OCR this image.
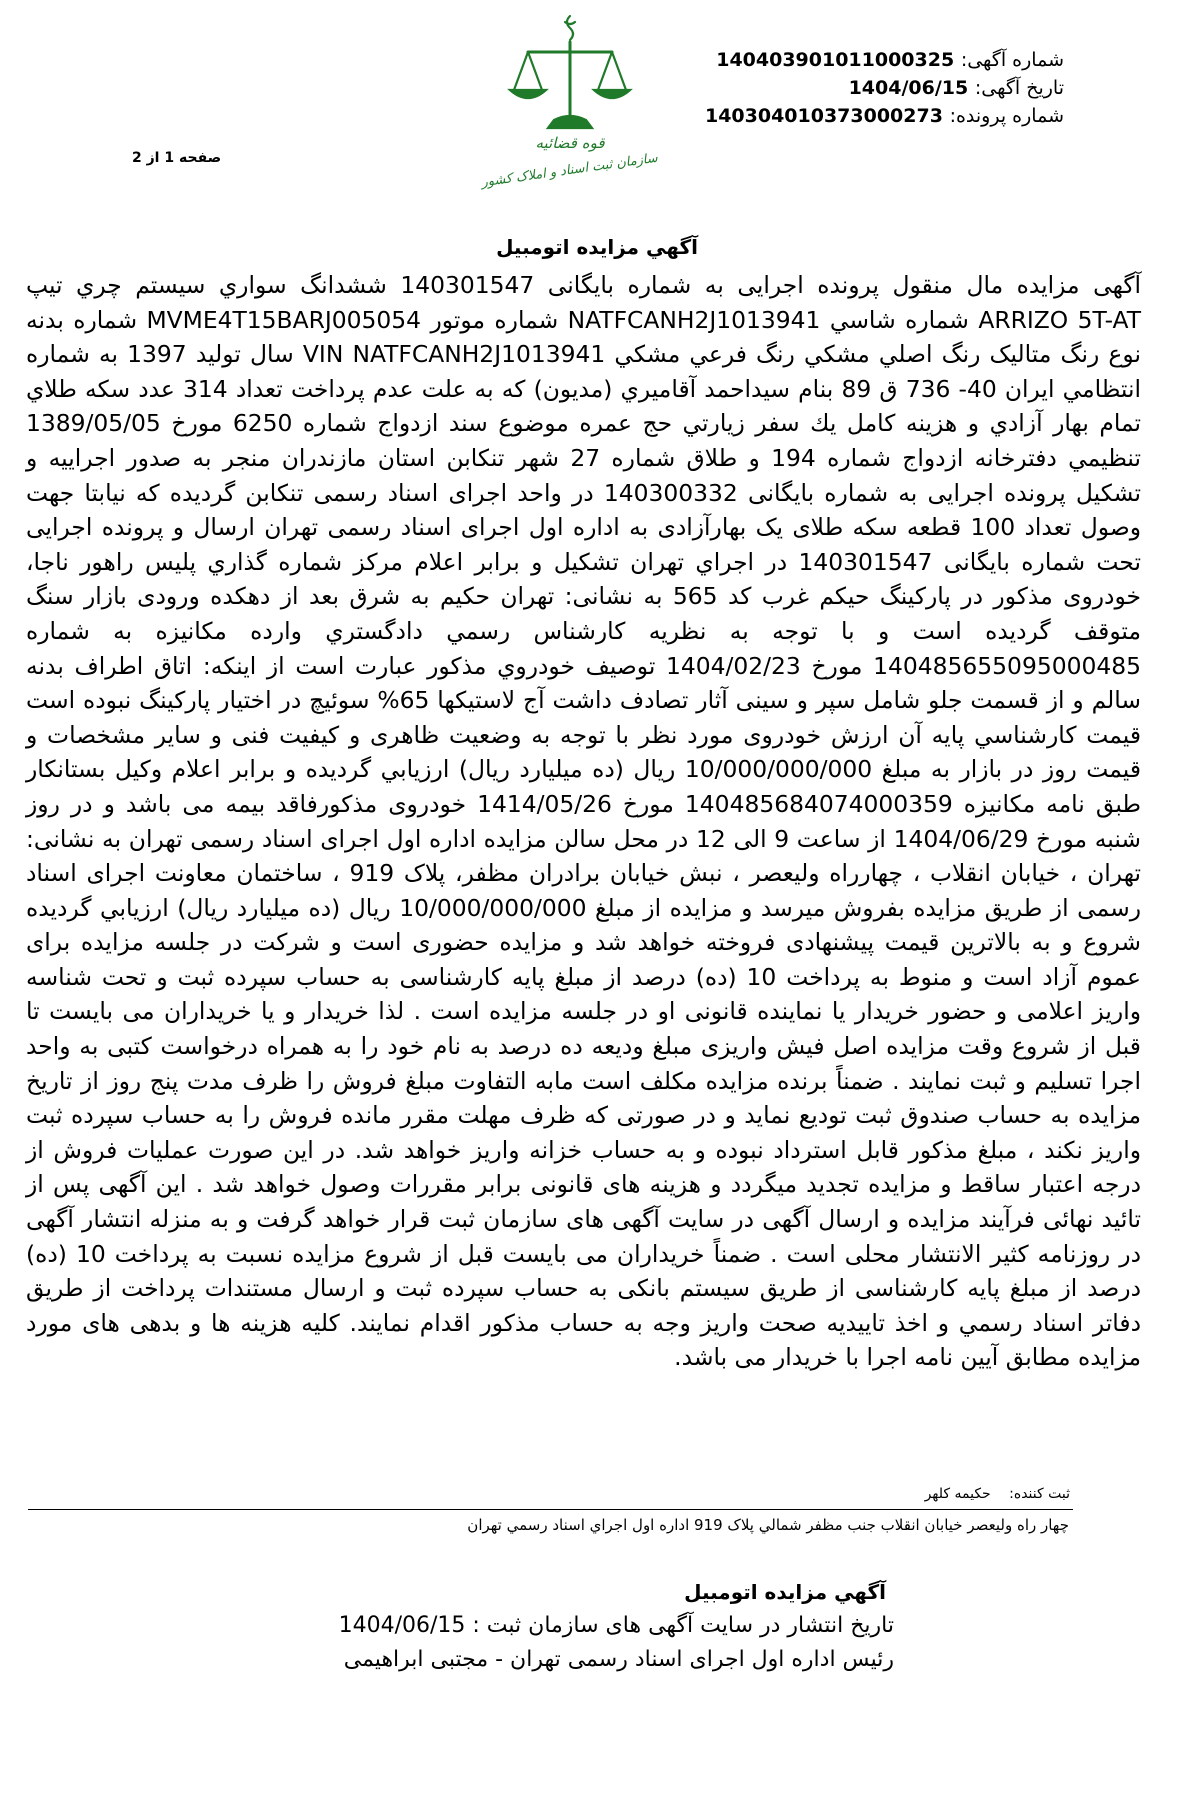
قوه قضائیه
سازمان ثبت اسناد و املاک کشور
شماره آگهی: 140403901011000325
تاریخ آگهی: 1404/06/15
شماره پرونده: 140304010373000273
صفحه 1 از 2
آگهي مزایده اتومبیل
آگهی مزایده مال منقول پرونده اجرایی به شماره بایگانی 140301547 ششدانگ سواري سیستم چري تیپ ARRIZO 5T-AT شماره شاسي NATFCANH2J1013941 شماره موتور MVME4T15BARJ005054 شماره بدنه نوع رنگ متالیک رنگ اصلي مشكي رنگ فرعي مشكي VIN NATFCANH2J1013941 سال تولید 1397 به شماره انتظامي ایران 40- 736 ق 89 بنام سیداحمد آقامیري (مديون) كه به علت عدم پرداخت تعداد 314 عدد سكه طلاي تمام بهار آزادي و هزينه كامل يك سفر زيارتي حج عمره موضوع سند ازدواج شماره 6250 مورخ 1389/05/05 تنظيمي دفترخانه ازدواج شماره 194 و طلاق شماره 27 شهر تنکابن استان مازندران منجر به صدور اجراییه و تشکیل پرونده اجرایی به شماره بایگانی 140300332 در واحد اجرای اسناد رسمی تنکابن گردیده که نیابتا جهت وصول تعداد 100 قطعه سکه طلای یک بهارآزادی به اداره اول اجرای اسناد رسمی تهران ارسال و پرونده اجرایی تحت شماره بایگانی 140301547 در اجراي تهران تشكيل و برابر اعلام مركز شماره گذاري پليس راهور ناجا، خودروی مذکور در پارکینگ حیکم غرب کد 565 به نشانی: تهران حکیم به شرق بعد از دهکده ورودی بازار سنگ متوقف گردیده است و با توجه به نظريه كارشناس رسمي دادگستري وارده مکانیزه به شماره 140485655095000485 مورخ 1404/02/23 توصيف خودروي مذكور عبارت است از اینکه: اتاق اطراف بدنه سالم و از قسمت جلو شامل سپر و سینی آثار تصادف داشت آج لاستیکها 65% سوئیچ در اختیار پارکینگ نبوده است قیمت کارشناسي پایه آن ارزش خودروی مورد نظر با توجه به وضعیت ظاهری و کیفیت فنی و سایر مشخصات و قیمت روز در بازار به مبلغ 10/000/000/000 ریال (ده میلیارد ریال) ارزیابي گردیده و برابر اعلام وکیل بستانکار طبق نامه مکانیزه 140485684074000359 مورخ 1414/05/26 خودروی مذکورفاقد بیمه می باشد و در روز شنبه مورخ 1404/06/29 از ساعت 9 الی 12 در محل سالن مزایده اداره اول اجرای اسناد رسمی تهران به نشانی: تهران ، خیابان انقلاب ، چهارراه ولیعصر ، نبش خیابان برادران مظفر، پلاک 919 ، ساختمان معاونت اجرای اسناد رسمی از طریق مزایده بفروش میرسد و مزایده از مبلغ 10/000/000/000 ریال (ده میلیارد ریال) ارزیابي گردیده شروع و به بالاترین قیمت پیشنهادی فروخته خواهد شد و مزایده حضوری است و شرکت در جلسه مزایده برای عموم آزاد است و منوط به پرداخت 10 (ده) درصد از مبلغ پایه کارشناسی به حساب سپرده ثبت و تحت شناسه واریز اعلامی و حضور خریدار یا نماینده قانونی او در جلسه مزایده است . لذا خریدار و یا خریداران می بایست تا قبل از شروع وقت مزایده اصل فیش واریزی مبلغ ودیعه ده درصد به نام خود را به همراه درخواست کتبی به واحد اجرا تسلیم و ثبت نمایند . ضمناً برنده مزایده مکلف است مابه التفاوت مبلغ فروش را ظرف مدت پنج روز از تاریخ مزایده به حساب صندوق ثبت تودیع نماید و در صورتی که ظرف مهلت مقرر مانده فروش را به حساب سپرده ثبت واریز نکند ، مبلغ مذکور قابل استرداد نبوده و به حساب خزانه واریز خواهد شد. در این صورت عملیات فروش از درجه اعتبار ساقط و مزایده تجدید میگردد و هزینه های قانونی برابر مقررات وصول خواهد شد . این آگهی پس از تائید نهائی فرآیند مزایده و ارسال آگهی در سایت آگهی های سازمان ثبت قرار خواهد گرفت و به منزله انتشار آگهی در روزنامه کثیر الانتشار محلی است . ضمناً خریداران می بایست قبل از شروع مزایده نسبت به پرداخت 10 (ده) درصد از مبلغ پایه کارشناسی از طریق سیستم بانکی به حساب سپرده ثبت و ارسال مستندات پرداخت از طریق دفاتر اسناد رسمي و اخذ تاییدیه صحت واریز وجه به حساب مذکور اقدام نمایند. کلیه هزینه ها و بدهی های مورد مزایده مطابق آیین نامه اجرا با خریدار می باشد.
ثبت کننده: حکیمه کلهر
چهار راه وليعصر خيابان انقلاب جنب مظفر شمالي پلاک 919 اداره اول اجراي اسناد رسمي تهران
آگهي مزایده اتومبیل
تاریخ انتشار در سایت آگهی های سازمان ثبت : 1404/06/15
رئیس اداره اول اجرای اسناد رسمی تهران - مجتبی ابراهیمی
